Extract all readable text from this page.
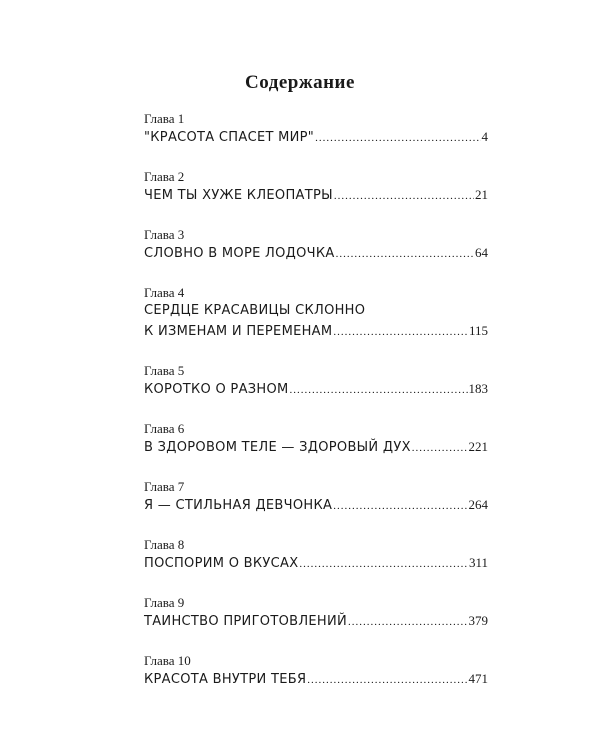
Содержание
Глава 1
"КРАСОТА СПАСЕТ МИР" .....	4
Глава 2
ЧЕМ ТЫ ХУЖЕ КЛЕОПАТРЫ .....	21
Глава 3
СЛОВНО В МОРЕ ЛОДОЧКА .....	64
Глава 4
СЕРДЦЕ КРАСАВИЦЫ СКЛОННО
К ИЗМЕНАМ И ПЕРЕМЕНАМ .....	115
Глава 5
КОРОТКО О РАЗНОМ .....	183
Глава 6
В ЗДОРОВОМ ТЕЛЕ — ЗДОРОВЫЙ ДУХ .....	221
Глава 7
Я — СТИЛЬНАЯ ДЕВЧОНКА .....	264
Глава 8
ПОСПОРИМ О ВКУСАХ .....	311
Глава 9
ТАИНСТВО ПРИГОТОВЛЕНИЙ .....	379
Глава 10
КРАСОТА ВНУТРИ ТЕБЯ .....	471
